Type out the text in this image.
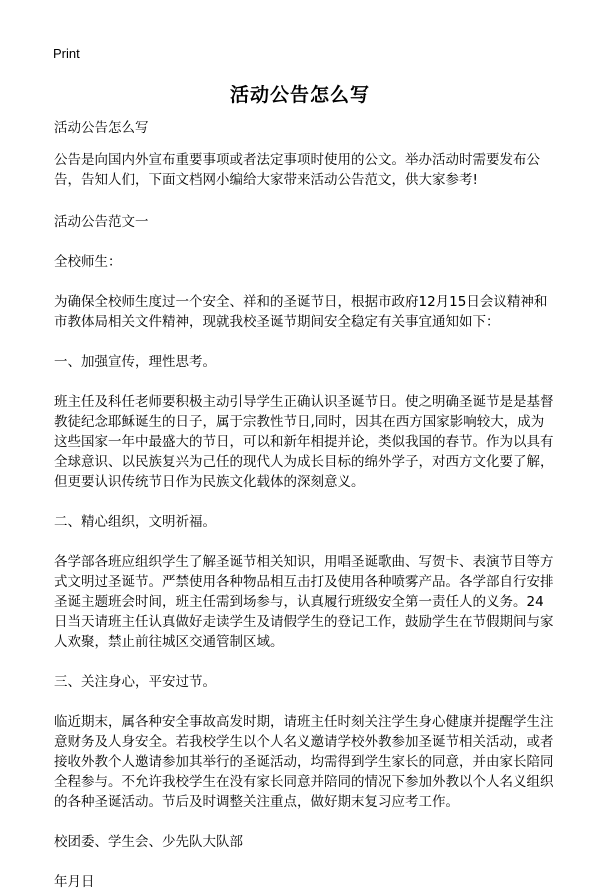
Print
活动公告怎么写

活动公告怎么写

公告是向国内外宣布重要事项或者法定事项时使用的公文。举办活动时需要发布公告，告知人们，下面文档网小编给大家带来活动公告范文，供大家参考!

活动公告范文一

全校师生：

为确保全校师生度过一个安全、祥和的圣诞节日，根据市政府12月15日会议精神和市教体局相关文件精神，现就我校圣诞节期间安全稳定有关事宜通知如下：

一、加强宣传，理性思考。

班主任及科任老师要积极主动引导学生正确认识圣诞节日。使之明确圣诞节是是基督教徒纪念耶稣诞生的日子，属于宗教性节日,同时，因其在西方国家影响较大，成为这些国家一年中最盛大的节日，可以和新年相提并论，类似我国的春节。作为以具有全球意识、以民族复兴为己任的现代人为成长目标的绵外学子，对西方文化要了解，但更要认识传统节日作为民族文化载体的深刻意义。

二、精心组织，文明祈福。

各学部各班应组织学生了解圣诞节相关知识，用唱圣诞歌曲、写贺卡、表演节目等方式文明过圣诞节。严禁使用各种物品相互击打及使用各种喷雾产品。各学部自行安排圣诞主题班会时间，班主任需到场参与，认真履行班级安全第一责任人的义务。24日当天请班主任认真做好走读学生及请假学生的登记工作，鼓励学生在节假期间与家人欢聚，禁止前往城区交通管制区域。

三、关注身心，平安过节。

临近期末，属各种安全事故高发时期，请班主任时刻关注学生身心健康并提醒学生注意财务及人身安全。若我校学生以个人名义邀请学校外教参加圣诞节相关活动，或者接收外教个人邀请参加其举行的圣诞活动，均需得到学生家长的同意，并由家长陪同全程参与。不允许我校学生在没有家长同意并陪同的情况下参加外教以个人名义组织的各种圣诞活动。节后及时调整关注重点，做好期末复习应考工作。

校团委、学生会、少先队大队部

年月日
